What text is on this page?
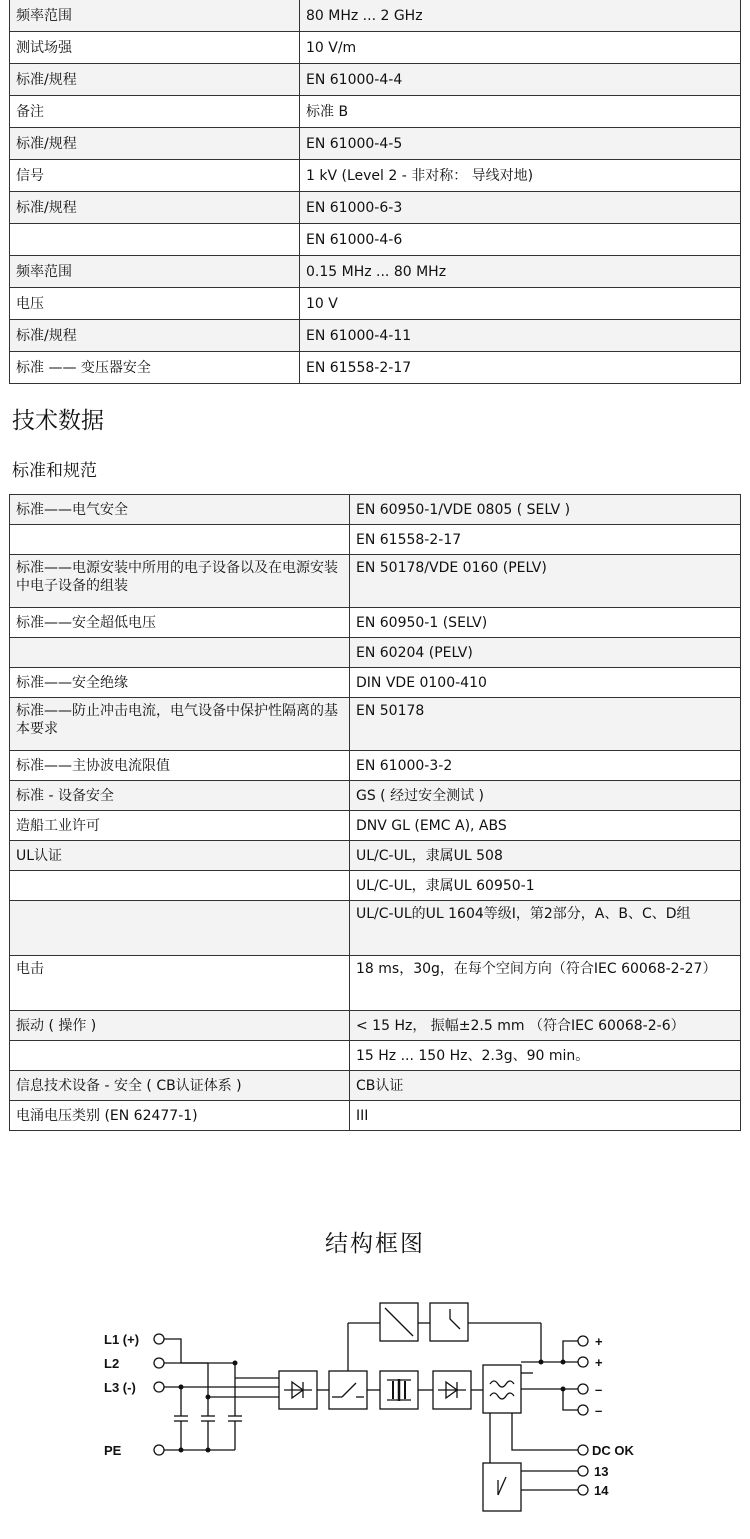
频率范围	80 MHz ... 2 GHz
测试场强	10 V/m
标准/规程	EN 61000-4-4
备注	标准 B
标准/规程	EN 61000-4-5
信号	1 kV (Level 2 - 非对称： 导线对地)
标准/规程	EN 61000-6-3
	EN 61000-4-6
频率范围	0.15 MHz ... 80 MHz
电压	10 V
标准/规程	EN 61000-4-11
标准 —— 变压器安全	EN 61558-2-17
技术数据
标准和规范
标准——电气安全	EN 60950-1/VDE 0805 ( SELV )
	EN 61558-2-17
标准——电源安装中所用的电子设备以及在电源安装中电子设备的组装	EN 50178/VDE 0160 (PELV)
标准——安全超低电压	EN 60950-1 (SELV)
	EN 60204 (PELV)
标准——安全绝缘	DIN VDE 0100-410
标准——防止冲击电流，电气设备中保护性隔离的基本要求	EN 50178
标准——主协波电流限值	EN 61000-3-2
标准 - 设备安全	GS ( 经过安全测试 )
造船工业许可	DNV GL (EMC A), ABS
UL认证	UL/C-UL，隶属UL 508
	UL/C-UL，隶属UL 60950-1
	UL/C-UL的UL 1604等级I，第2部分，A、B、C、D组
电击	18 ms，30g，在每个空间方向（符合IEC 60068-2-27）
振动 ( 操作 )	< 15 Hz， 振幅±2.5 mm （符合IEC 60068-2-6）
	15 Hz ... 150 Hz、2.3g、90 min。
信息技术设备 - 安全 ( CB认证体系 )	CB认证
电涌电压类别 (EN 62477-1)	III
结构框图
L1 (+)
L2
L3 (-)
PE
+
+
–
–
DC OK
13
14
